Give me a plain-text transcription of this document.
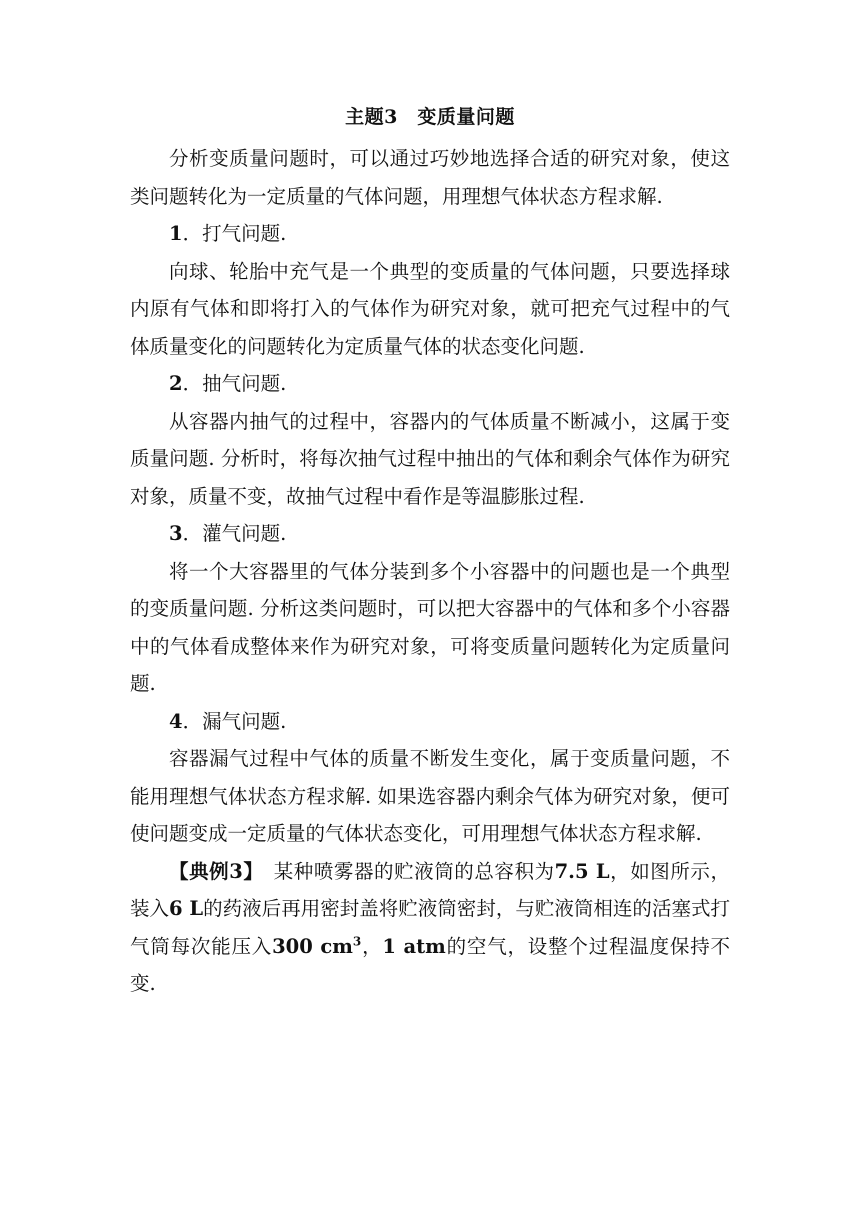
主题3　变质量问题

分析变质量问题时，可以通过巧妙地选择合适的研究对象，使这类问题转化为一定质量的气体问题，用理想气体状态方程求解.

1．打气问题.

向球、轮胎中充气是一个典型的变质量的气体问题，只要选择球内原有气体和即将打入的气体作为研究对象，就可把充气过程中的气体质量变化的问题转化为定质量气体的状态变化问题.

2．抽气问题.

从容器内抽气的过程中，容器内的气体质量不断减小，这属于变质量问题. 分析时，将每次抽气过程中抽出的气体和剩余气体作为研究对象，质量不变，故抽气过程中看作是等温膨胀过程.

3．灌气问题.

将一个大容器里的气体分装到多个小容器中的问题也是一个典型的变质量问题. 分析这类问题时，可以把大容器中的气体和多个小容器中的气体看成整体来作为研究对象，可将变质量问题转化为定质量问题.

4．漏气问题.

容器漏气过程中气体的质量不断发生变化，属于变质量问题，不能用理想气体状态方程求解. 如果选容器内剩余气体为研究对象，便可使问题变成一定质量的气体状态变化，可用理想气体状态方程求解.

【典例3】　 某种喷雾器的贮液筒的总容积为7.5 L，如图所示，装入6 L的药液后再用密封盖将贮液筒密封，与贮液筒相连的活塞式打气筒每次能压入300 $cm^3$，1 atm的空气，设整个过程温度保持不变.
